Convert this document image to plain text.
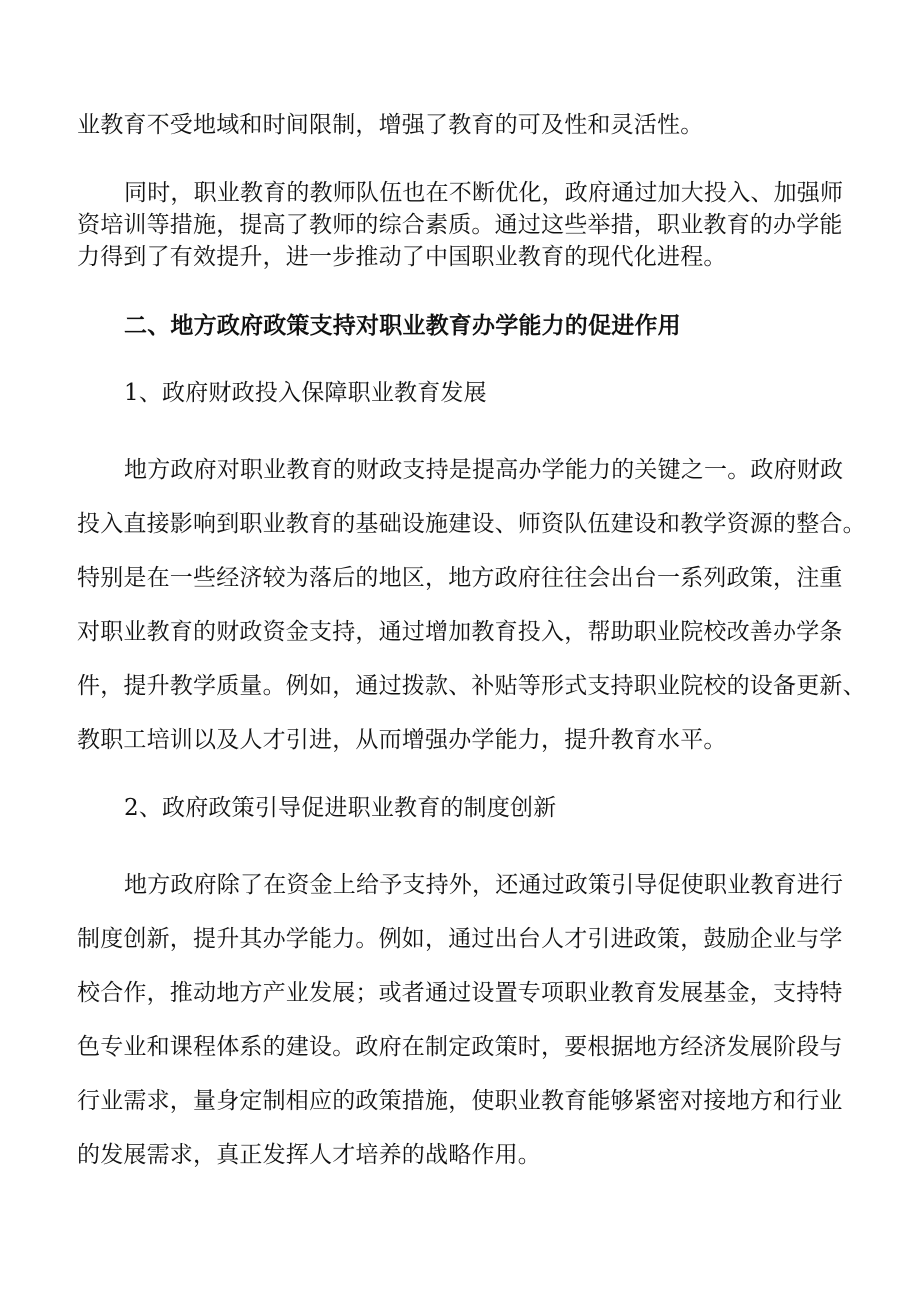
业教育不受地域和时间限制，增强了教育的可及性和灵活性。
同时，职业教育的教师队伍也在不断优化，政府通过加大投入、加强师
资培训等措施，提高了教师的综合素质。通过这些举措，职业教育的办学能
力得到了有效提升，进一步推动了中国职业教育的现代化进程。
二、地方政府政策支持对职业教育办学能力的促进作用
1、政府财政投入保障职业教育发展
地方政府对职业教育的财政支持是提高办学能力的关键之一。政府财政
投入直接影响到职业教育的基础设施建设、师资队伍建设和教学资源的整合。
特别是在一些经济较为落后的地区，地方政府往往会出台一系列政策，注重
对职业教育的财政资金支持，通过增加教育投入，帮助职业院校改善办学条
件，提升教学质量。例如，通过拨款、补贴等形式支持职业院校的设备更新、
教职工培训以及人才引进，从而增强办学能力，提升教育水平。
2、政府政策引导促进职业教育的制度创新
地方政府除了在资金上给予支持外，还通过政策引导促使职业教育进行
制度创新，提升其办学能力。例如，通过出台人才引进政策，鼓励企业与学
校合作，推动地方产业发展；或者通过设置专项职业教育发展基金，支持特
色专业和课程体系的建设。政府在制定政策时，要根据地方经济发展阶段与
行业需求，量身定制相应的政策措施，使职业教育能够紧密对接地方和行业
的发展需求，真正发挥人才培养的战略作用。
